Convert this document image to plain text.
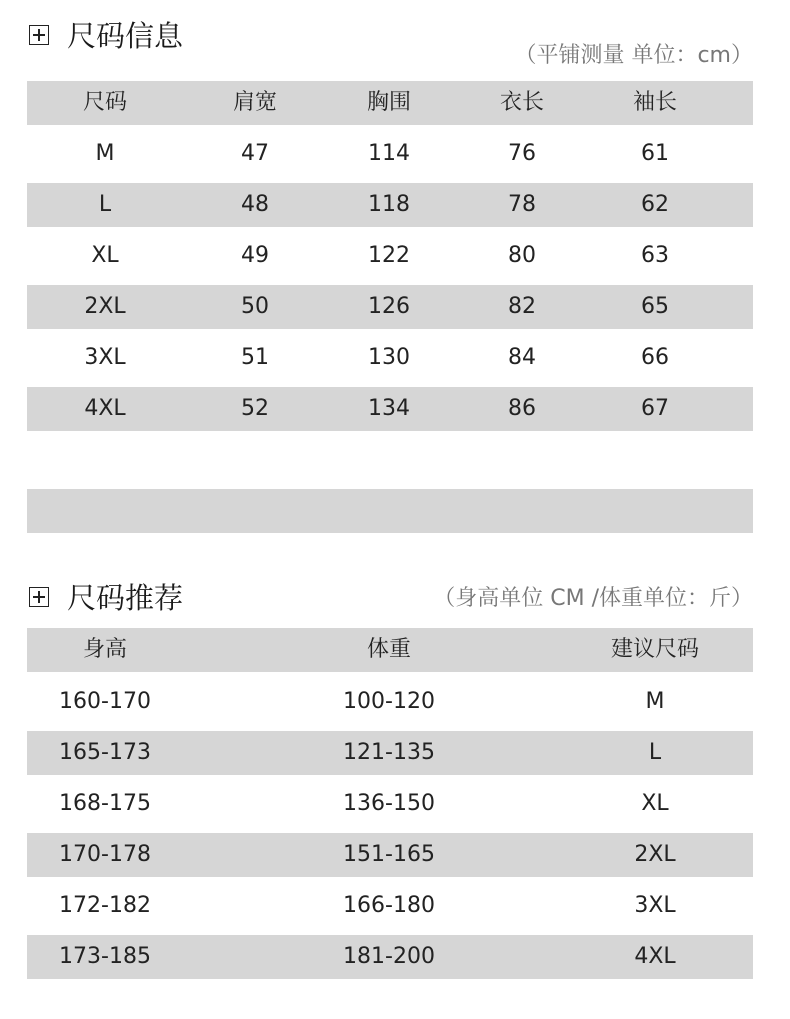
尺码信息
（平铺测量 单位：cm）
尺码	肩宽	胸围	衣长	袖长
M	47	114	76	61
L	48	118	78	62
XL	49	122	80	63
2XL	50	126	82	65
3XL	51	130	84	66
4XL	52	134	86	67
尺码推荐	（身高单位 CM /体重单位：斤）
身高	体重	建议尺码
160-170	100-120	M
165-173	121-135	L
168-175	136-150	XL
170-178	151-165	2XL
172-182	166-180	3XL
173-185	181-200	4XL
